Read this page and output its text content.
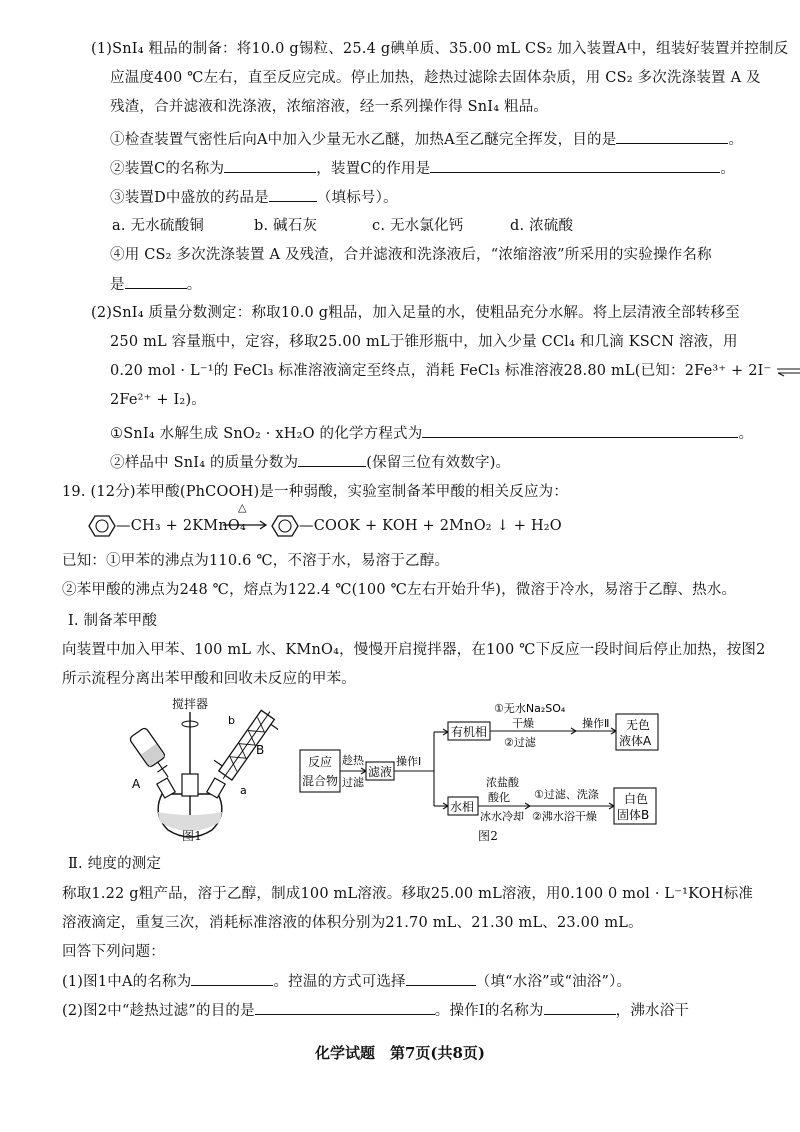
(1)SnI₄ 粗品的制备：将10.0 g锡粒、25.4 g碘单质、35.00 mL CS₂ 加入装置A中，组装好装置并控制反
应温度400 ℃左右，直至反应完成。停止加热，趁热过滤除去固体杂质，用 CS₂ 多次洗涤装置 A 及
残渣，合并滤液和洗涤液，浓缩溶液，经一系列操作得 SnI₄ 粗品。
①检查装置气密性后向A中加入少量无水乙醚，加热A至乙醚完全挥发，目的是	。
②装置C的名称为	，装置C的作用是	。
③装置D中盛放的药品是	（填标号）。
a. 无水硫酸铜	b. 碱石灰	c. 无水氯化钙	d. 浓硫酸
④用 CS₂ 多次洗涤装置 A 及残渣，合并滤液和洗涤液后，“浓缩溶液”所采用的实验操作名称
是	。
(2)SnI₄ 质量分数测定：称取10.0 g粗品，加入足量的水，使粗品充分水解。将上层清液全部转移至
250 mL 容量瓶中，定容，移取25.00 mL于锥形瓶中，加入少量 CCl₄ 和几滴 KSCN 溶液，用
0.20 mol · L⁻¹的 FeCl₃ 标准溶液滴定至终点，消耗 FeCl₃ 标准溶液28.80 mL(已知：2Fe³⁺ + 2I⁻
2Fe²⁺ + I₂)。
①SnI₄ 水解生成 SnO₂ · xH₂O 的化学方程式为	。
②样品中 SnI₄ 的质量分数为	(保留三位有效数字)。
19. (12分)苯甲酸(PhCOOH)是一种弱酸，实验室制备苯甲酸的相关反应为：
—CH₃ + 2KMnO₄
△
—COOK + KOH + 2MnO₂ ↓ + H₂O
已知：①甲苯的沸点为110.6 ℃，不溶于水，易溶于乙醇。
②苯甲酸的沸点为248 ℃，熔点为122.4 ℃(100 ℃左右开始升华)，微溶于冷水，易溶于乙醇、热水。
Ⅰ. 制备苯甲酸
向装置中加入甲苯、100 mL 水、KMnO₄，慢慢开启搅拌器，在100 ℃下反应一段时间后停止加热，按图2
所示流程分离出苯甲酸和回收未反应的甲苯。
搅拌器
A
b
B
a
图1
反应
混合物
趁热
过滤
滤液
操作Ⅰ
有机相
①无水Na₂SO₄
干燥
②过滤
操作Ⅱ 无色
液体A
水相
浓盐酸
酸化
冰水冷却
①过滤、洗涤
②沸水浴干燥
白色
固体B
图2
Ⅱ. 纯度的测定
称取1.22 g粗产品，溶于乙醇，制成100 mL溶液。移取25.00 mL溶液，用0.100 0 mol · L⁻¹KOH标准
溶液滴定，重复三次，消耗标准溶液的体积分别为21.70 mL、21.30 mL、23.00 mL。
回答下列问题：
(1)图1中A的名称为	。控温的方式可选择	（填“水浴”或“油浴”）。
(2)图2中“趁热过滤”的目的是	。操作Ⅰ的名称为	，沸水浴干
化学试题　第7页(共8页)
